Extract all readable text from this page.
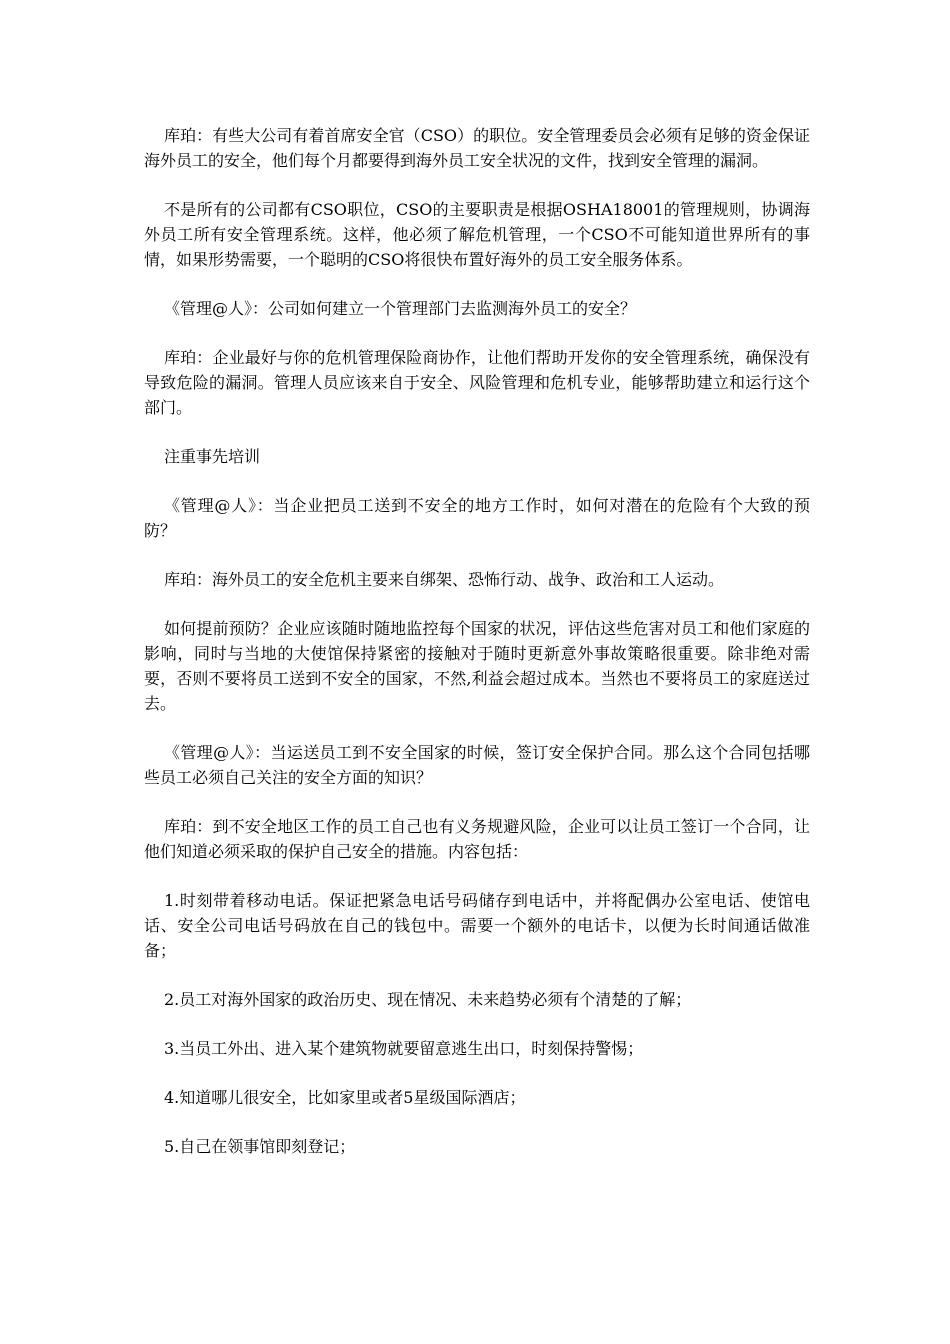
库珀：有些大公司有着首席安全官（CSO）的职位。安全管理委员会必须有足够的资金保证海外员工的安全，他们每个月都要得到海外员工安全状况的文件，找到安全管理的漏洞。

不是所有的公司都有CSO职位，CSO的主要职责是根据OSHA18001的管理规则，协调海外员工所有安全管理系统。这样，他必须了解危机管理，一个CSO不可能知道世界所有的事情，如果形势需要，一个聪明的CSO将很快布置好海外的员工安全服务体系。

《管理@人》：公司如何建立一个管理部门去监测海外员工的安全？

库珀：企业最好与你的危机管理保险商协作，让他们帮助开发你的安全管理系统，确保没有导致危险的漏洞。管理人员应该来自于安全、风险管理和危机专业，能够帮助建立和运行这个部门。

注重事先培训

《管理@人》：当企业把员工送到不安全的地方工作时，如何对潜在的危险有个大致的预防？

库珀：海外员工的安全危机主要来自绑架、恐怖行动、战争、政治和工人运动。

如何提前预防？企业应该随时随地监控每个国家的状况，评估这些危害对员工和他们家庭的影响，同时与当地的大使馆保持紧密的接触对于随时更新意外事故策略很重要。除非绝对需要，否则不要将员工送到不安全的国家，不然,利益会超过成本。当然也不要将员工的家庭送过去。

《管理@人》：当运送员工到不安全国家的时候，签订安全保护合同。那么这个合同包括哪些员工必须自己关注的安全方面的知识？

库珀：到不安全地区工作的员工自己也有义务规避风险，企业可以让员工签订一个合同，让他们知道必须采取的保护自己安全的措施。内容包括：

1.时刻带着移动电话。保证把紧急电话号码储存到电话中，并将配偶办公室电话、使馆电话、安全公司电话号码放在自己的钱包中。需要一个额外的电话卡，以便为长时间通话做准备；

2.员工对海外国家的政治历史、现在情况、未来趋势必须有个清楚的了解；

3.当员工外出、进入某个建筑物就要留意逃生出口，时刻保持警惕；

4.知道哪儿很安全，比如家里或者5星级国际酒店；

5.自己在领事馆即刻登记；
